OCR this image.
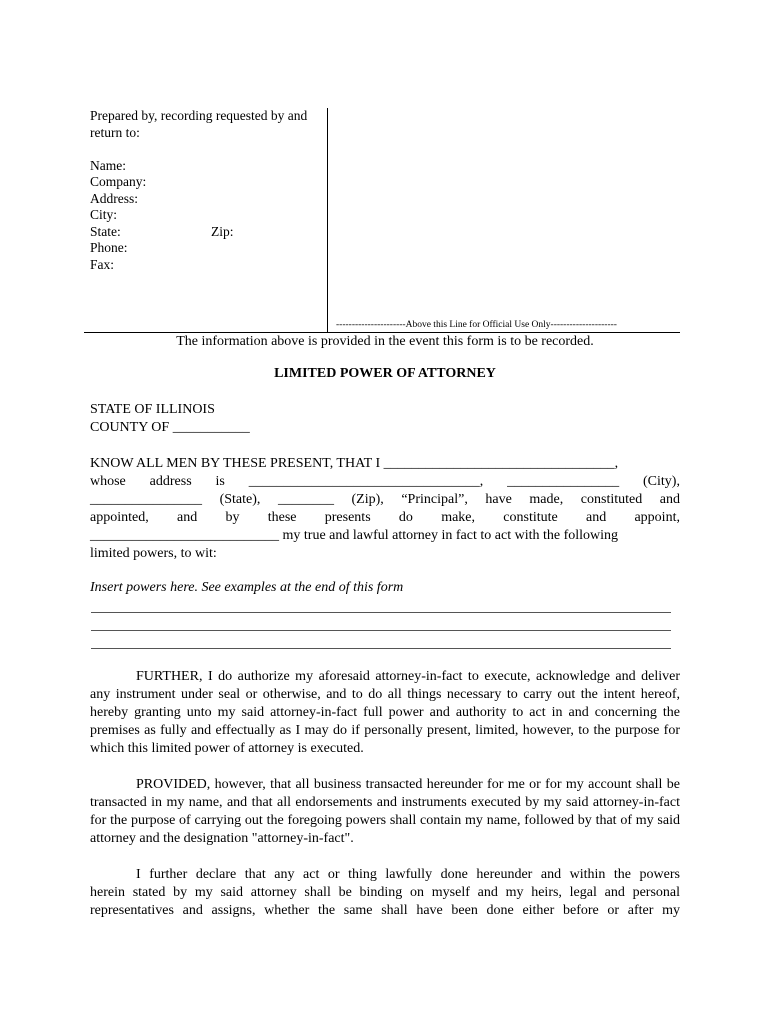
Prepared by, recording requested by and
return to:
Name:
Company:
Address:
City:
State:	Zip:
Phone:
Fax:
----------------------Above this Line for Official Use Only---------------------
The information above is provided in the event this form is to be recorded.
LIMITED POWER OF ATTORNEY
STATE OF ILLINOIS
COUNTY OF ___________
KNOW ALL MEN BY THESE PRESENT, THAT I _________________________________,
whose address is _________________________________, ________________ (City),
________________ (State), ________ (Zip), “Principal”, have made, constituted and
appointed, and by these presents do make, constitute and appoint,
___________________________ my true and lawful attorney in fact to act with the following
limited powers, to wit:
Insert powers here. See examples at the end of this form
FURTHER, I do authorize my aforesaid attorney-in-fact to execute, acknowledge and deliver any instrument under seal or otherwise, and to do all things necessary to carry out the intent hereof, hereby granting unto my said attorney-in-fact full power and authority to act in and concerning the premises as fully and effectually as I may do if personally present, limited, however, to the purpose for which this limited power of attorney is executed.
PROVIDED, however, that all business transacted hereunder for me or for my account shall be transacted in my name, and that all endorsements and instruments executed by my said attorney-in-fact for the purpose of carrying out the foregoing powers shall contain my name, followed by that of my said attorney and the designation "attorney-in-fact".
I further declare that any act or thing lawfully done hereunder and within the powers
herein stated by my said attorney shall be binding on myself and my heirs, legal and personal
representatives and assigns, whether the same shall have been done either before or after my
